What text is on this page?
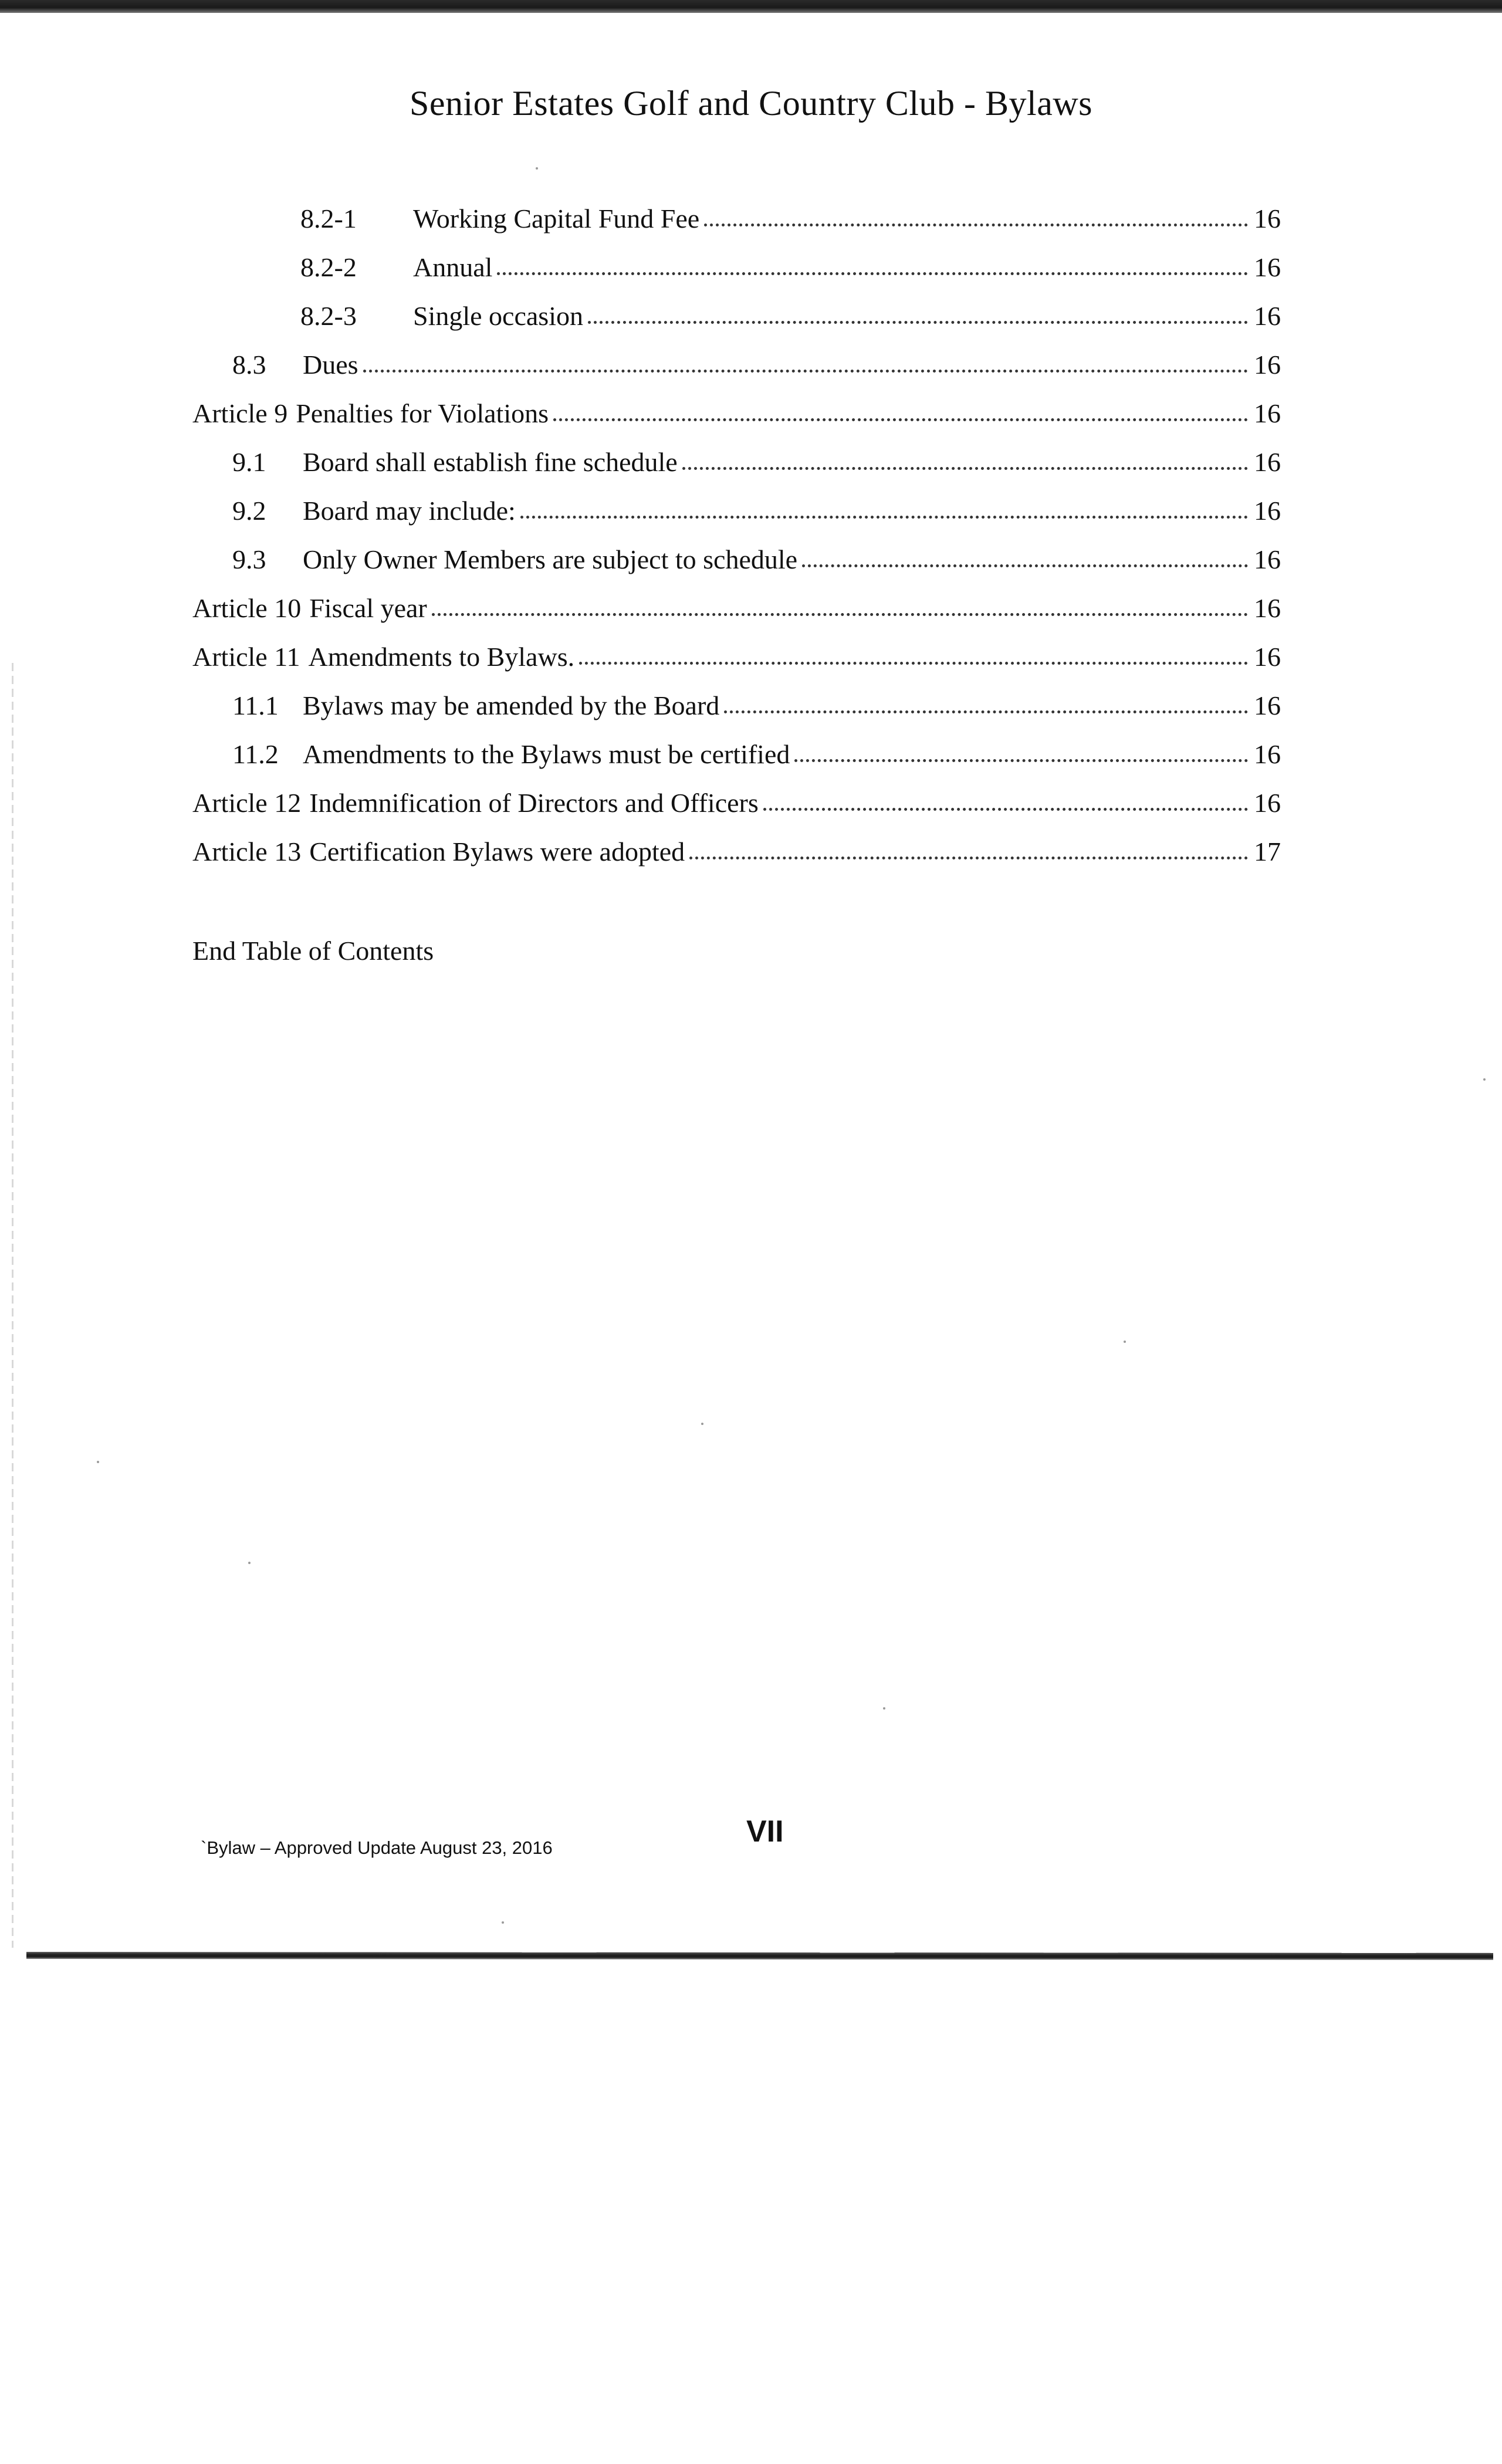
Senior Estates Golf and Country Club - Bylaws
8.2-1	Working Capital Fund Fee	16
8.2-2	Annual	16
8.2-3	Single occasion	16
8.3	Dues	16
Article 9 Penalties for Violations	16
9.1	Board shall establish fine schedule	16
9.2	Board may include:	16
9.3	Only Owner Members are subject to schedule	16
Article 10 Fiscal year	16
Article 11 Amendments to Bylaws.	16
11.1 Bylaws may be amended by the Board	16
11.2 Amendments to the Bylaws must be certified	16
Article 12 Indemnification of Directors and Officers	16
Article 13 Certification Bylaws were adopted	17
End Table of Contents
`Bylaw – Approved Update August 23, 2016	VII
